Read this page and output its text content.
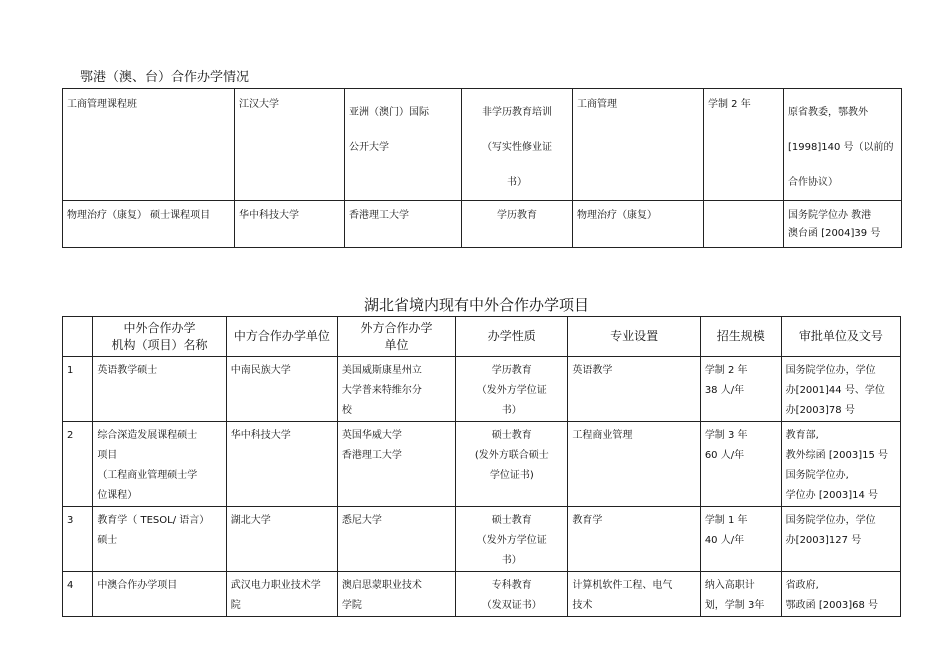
鄂港（澳、台）合作办学情况
工商管理课程班	江汉大学	亚洲（澳门）国际
公开大学	非学历教育培训
（写实性修业证
书）	工商管理	学制 2 年	原省教委，鄂教外
[1998]140 号（以前的
合作协议）
物理治疗（康复） 硕士课程项目	华中科技大学	香港理工大学	学历教育	物理治疗（康复）		国务院学位办 教港
澳台函 [2004]39 号
湖北省境内现有中外合作办学项目
	中外合作办学
机构（项目）名称	中方合作办学单位	外方合作办学
单位	办学性质	专业设置	招生规模	审批单位及文号
1	英语教学硕士	中南民族大学	美国威斯康星州立
大学普来特维尔分
校	学历教育
（发外方学位证
书）	英语教学	学制 2 年
38 人/年	国务院学位办，学位
办[2001]44 号、学位
办[2003]78 号
2	综合深造发展课程硕士
项目
（工程商业管理硕士学
位课程）	华中科技大学	英国华威大学
香港理工大学	硕士教育
(发外方联合硕士
学位证书)	工程商业管理	学制 3 年
60 人/年	教育部,
教外综函 [2003]15 号
国务院学位办,
学位办 [2003]14 号
3	教育学（ TESOL/ 语言）
硕士	湖北大学	悉尼大学	硕士教育
（发外方学位证
书）	教育学	学制 1 年
40 人/年	国务院学位办，学位
办[2003]127 号
4	中澳合作办学项目	武汉电力职业技术学
院	澳启思蒙职业技术
学院	专科教育
（发双证书）	计算机软件工程、电气
技术	纳入高职计
划，学制 3年	省政府,
鄂政函 [2003]68 号
